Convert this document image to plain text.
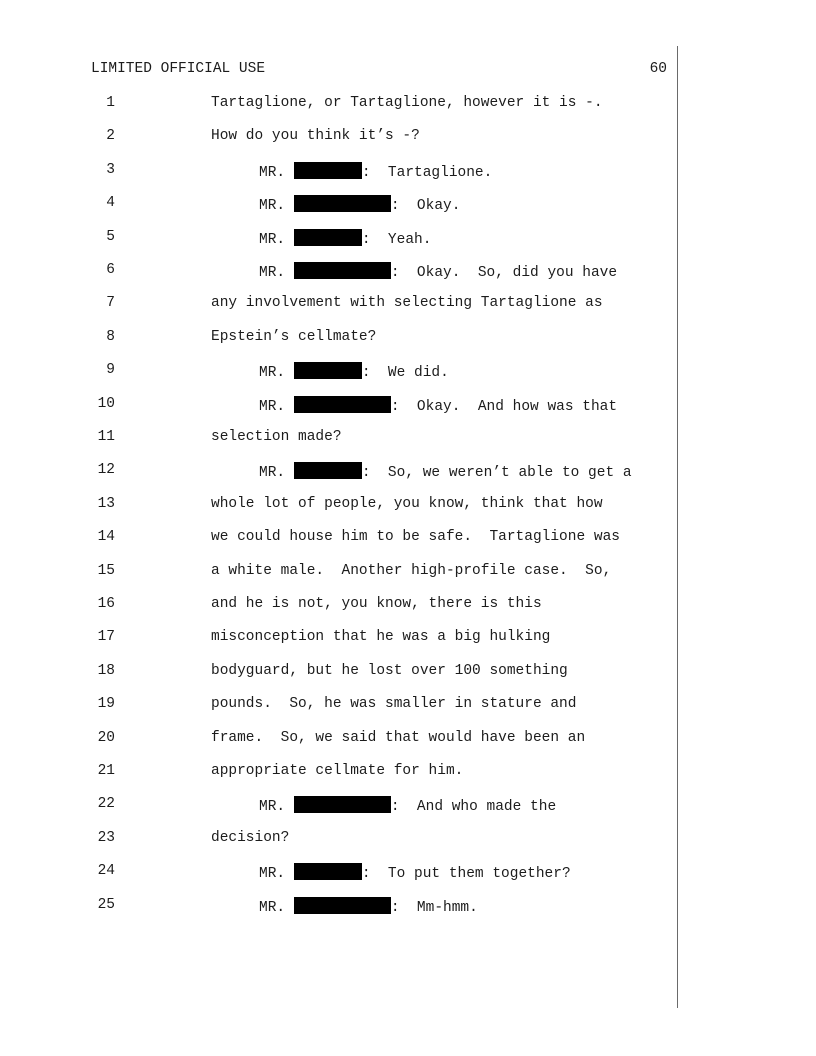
LIMITED OFFICIAL USE	60
1	Tartaglione, or Tartaglione, however it is -.
2	How do you think it’s -?
3	MR.	:  Tartaglione.
4	MR.	:  Okay.
5	MR.	:  Yeah.
6	MR.	:  Okay.  So, did you have
7	any involvement with selecting Tartaglione as
8	Epstein’s cellmate?
9	MR.	:  We did.
10	MR.	:  Okay.  And how was that
11	selection made?
12	MR.	:  So, we weren’t able to get a
13	whole lot of people, you know, think that how
14	we could house him to be safe.  Tartaglione was
15	a white male.  Another high-profile case.  So,
16	and he is not, you know, there is this
17	misconception that he was a big hulking
18	bodyguard, but he lost over 100 something
19	pounds.  So, he was smaller in stature and
20	frame.  So, we said that would have been an
21	appropriate cellmate for him.
22	MR.	:  And who made the
23	decision?
24	MR.	:  To put them together?
25	MR.	:  Mm-hmm.
